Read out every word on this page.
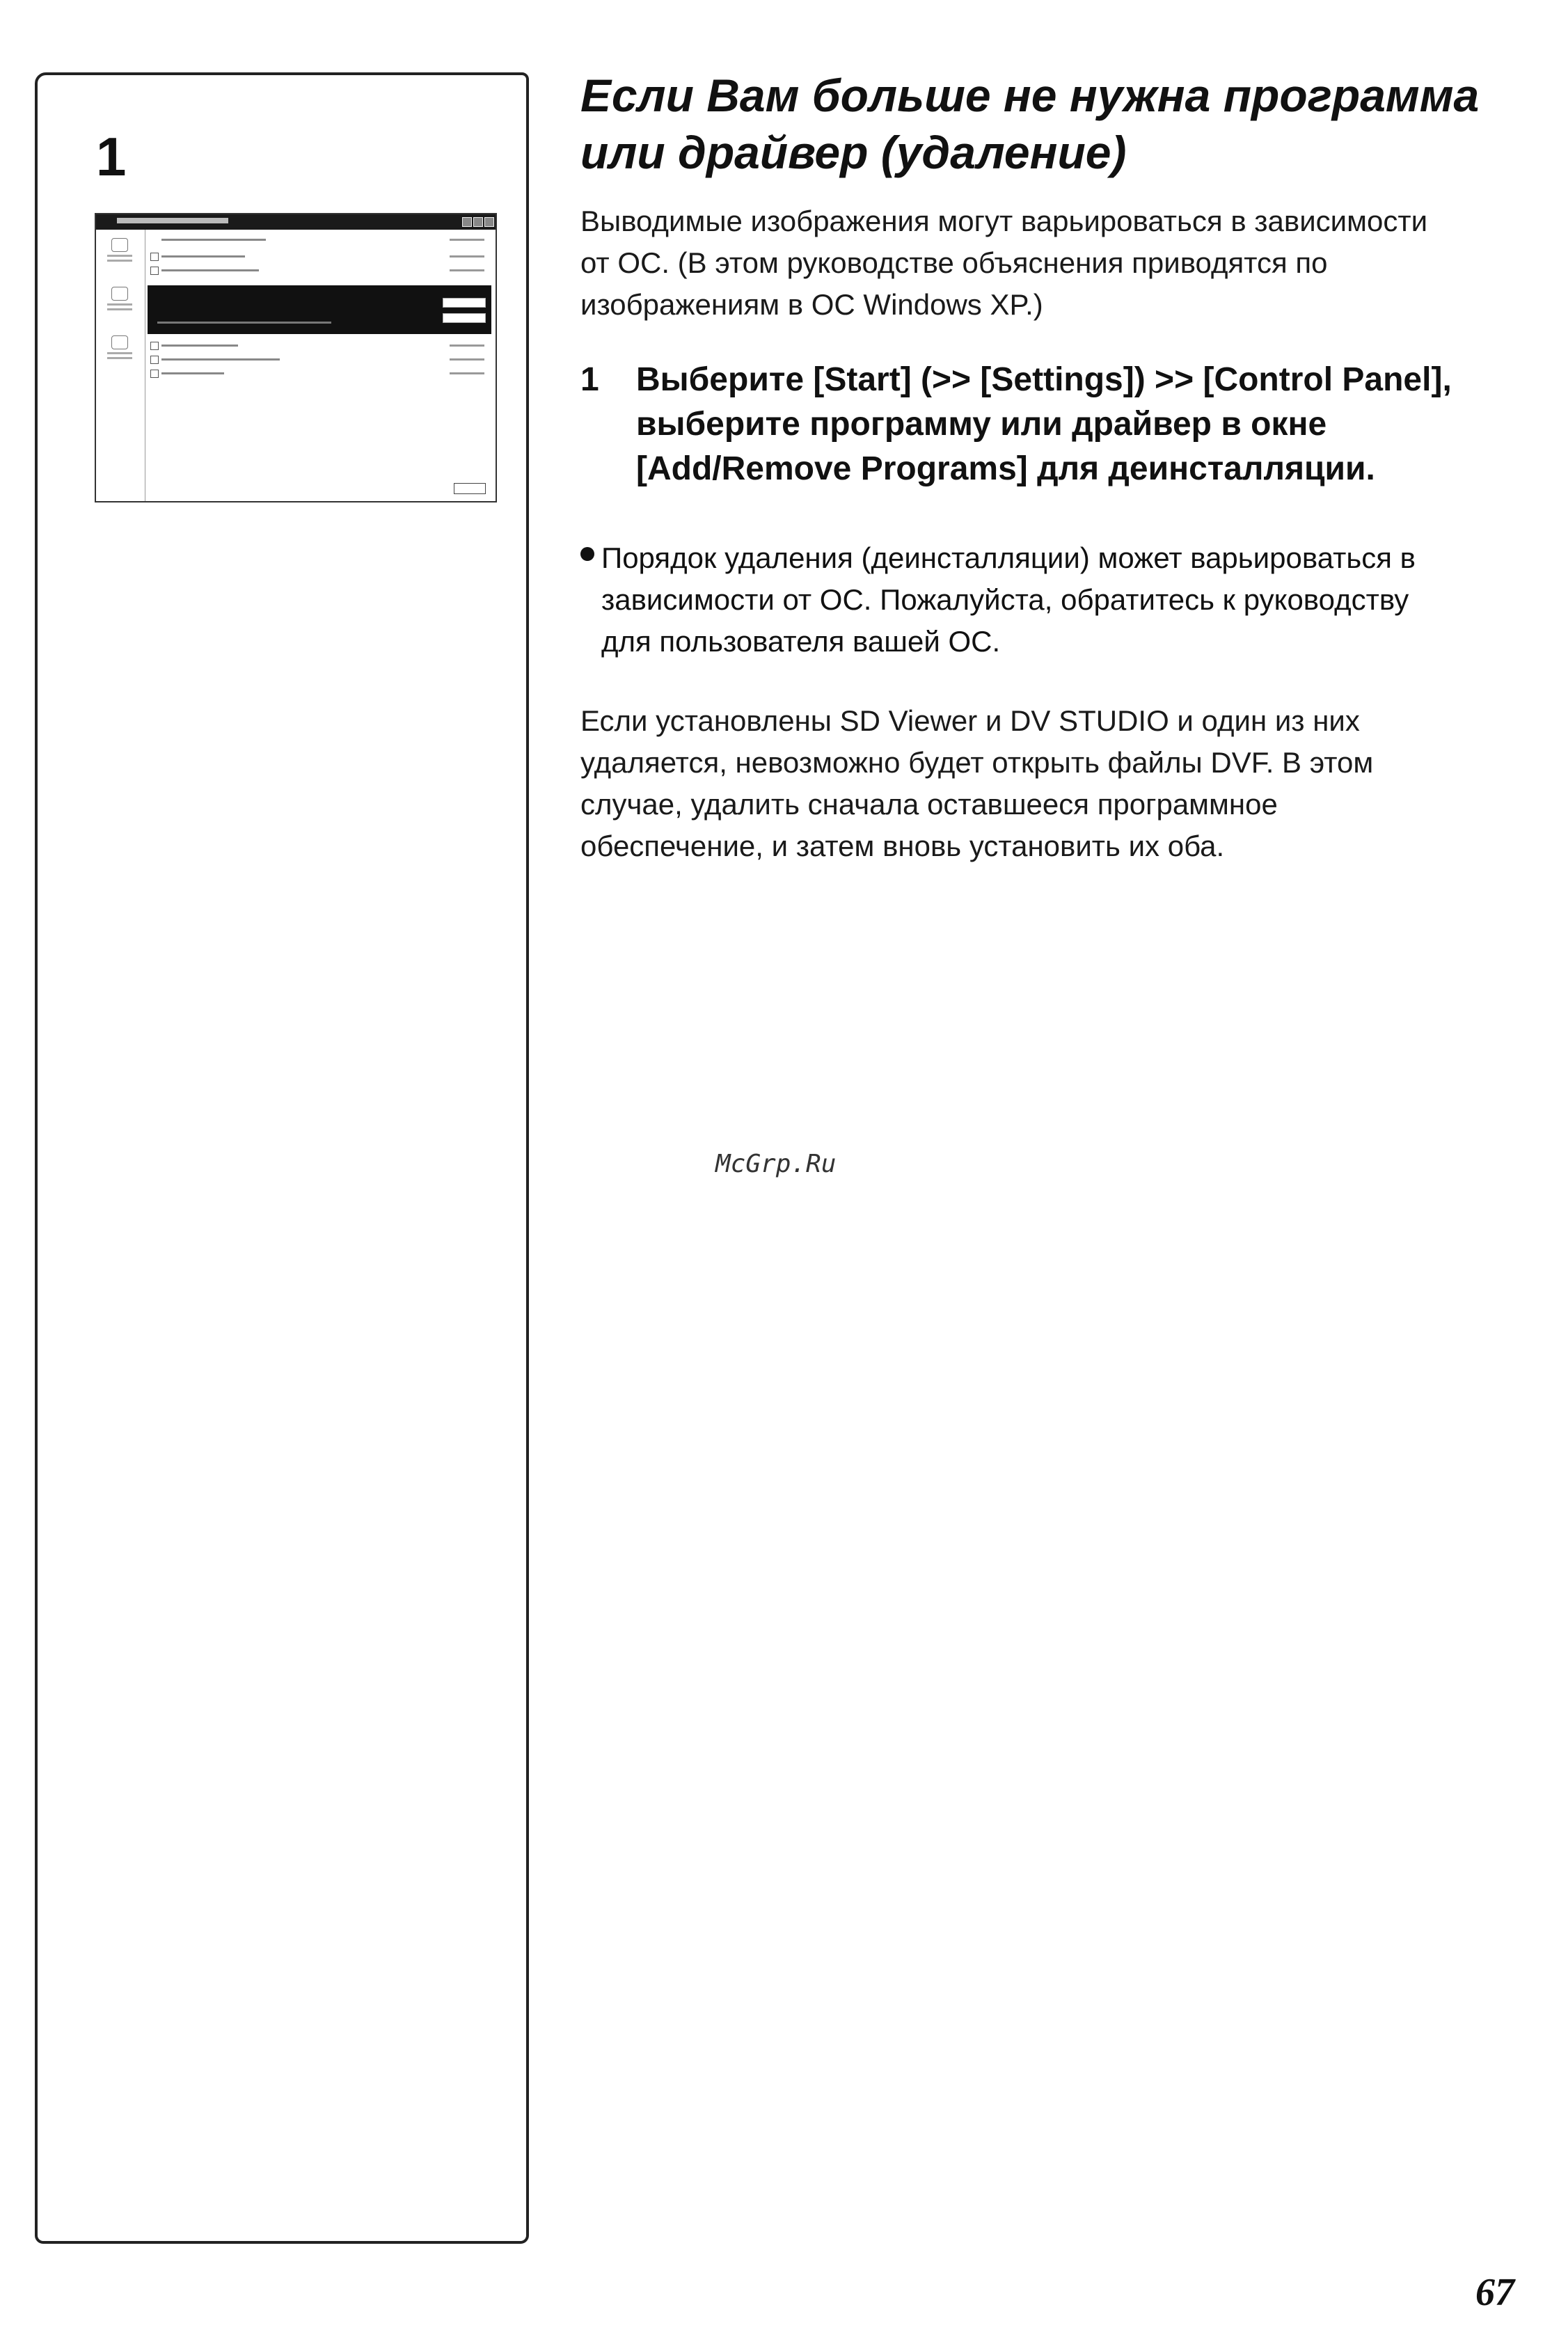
1
Если Вам больше не нужна программа
или драйвер (удаление)

Выводимые изображения могут варьироваться в зависимости
от ОС. (В этом руководстве объяснения приводятся по
изображениям в ОС Windows XP.)

1 Выберите [Start] (>> [Settings]) >> [Control Panel],
выберите программу или драйвер в окне
[Add/Remove Programs] для деинсталляции.

Порядок удаления (деинсталляции) может варьироваться в
зависимости от ОС. Пожалуйста, обратитесь к руководству
для пользователя вашей ОС.

Если установлены SD Viewer и DV STUDIO и один из них
удаляется, невозможно будет открыть файлы DVF. В этом
случае, удалить сначала оставшееся программное
обеспечение, и затем вновь установить их оба.

McGrp.Ru
67
